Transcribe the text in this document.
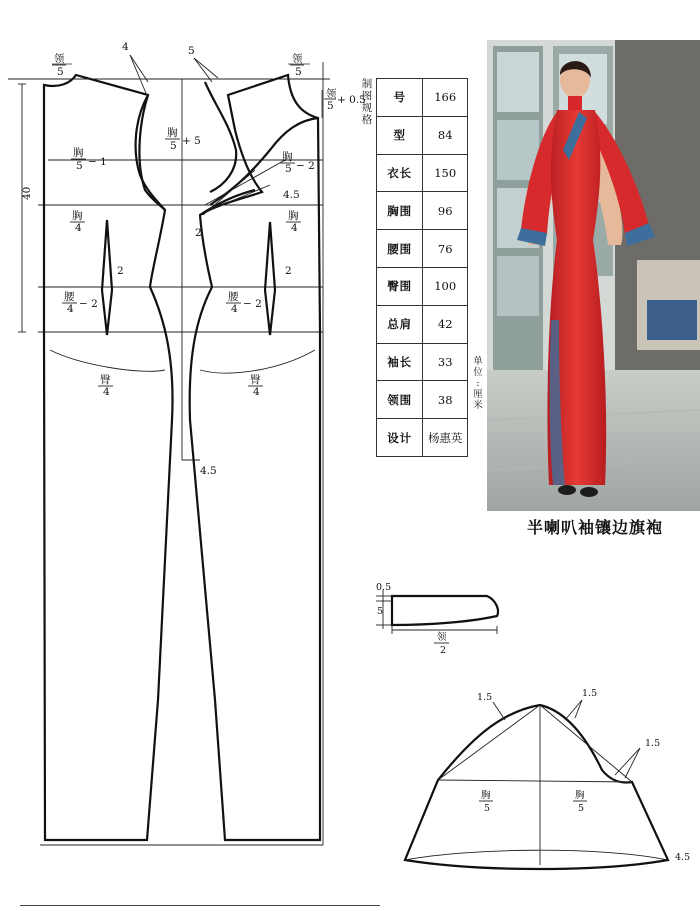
领
5
领
5
领
5 + 0.5
4	5
胸
5 + 5
胸
5 − 1	胸
5 − 2
4.5
40
胸
4
胸
4
2
2	2
腰
4 − 2
腰
4 − 2
臀
4
臀
4
4.5
制
图
规
格
号	166
型	84
衣长	150
胸围	96
腰围	76
臀围	100
总肩	42
袖长	33
领围	38
设计	杨惠英
单
位
:
厘
米
半喇叭袖镶边旗袍
0.5
5
领
2
1.5	1.5
1.5
胸
5
胸
5
4.5
